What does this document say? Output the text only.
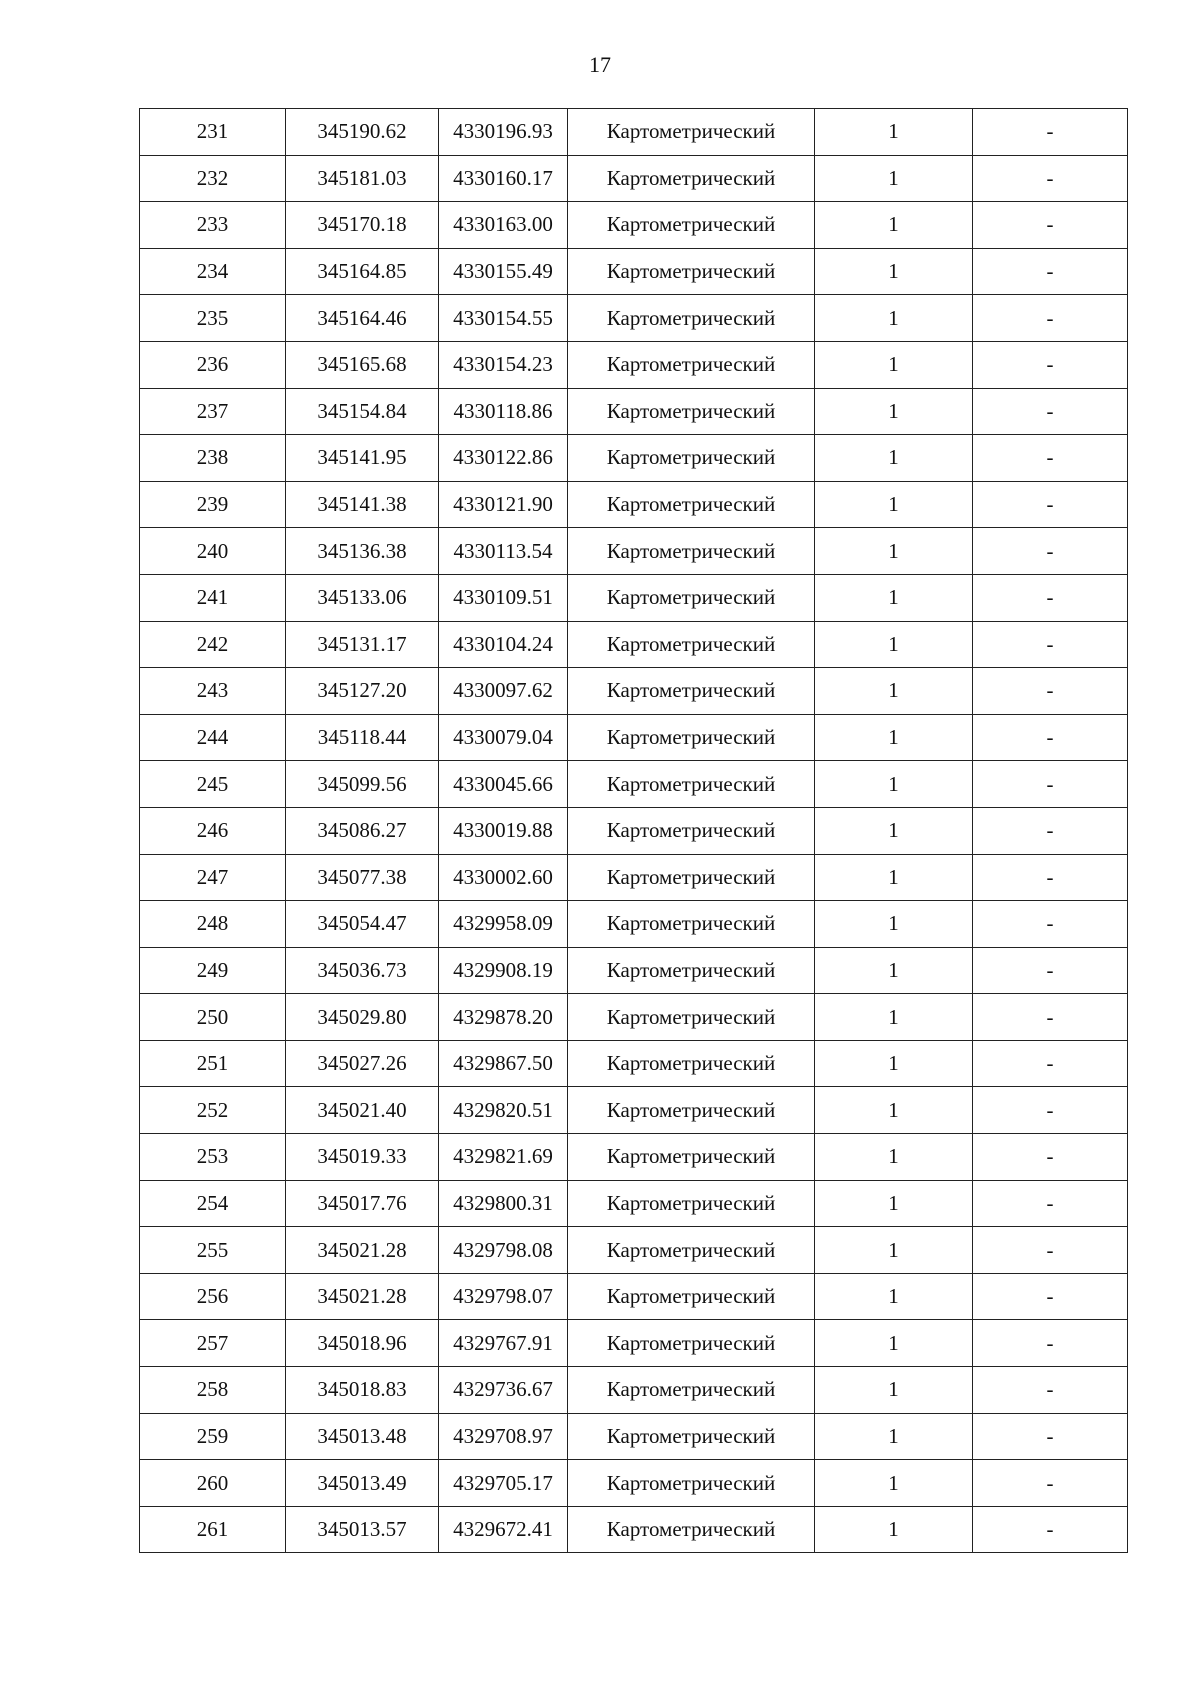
17
231	345190.62	4330196.93	Картометрический	1	-
232	345181.03	4330160.17	Картометрический	1	-
233	345170.18	4330163.00	Картометрический	1	-
234	345164.85	4330155.49	Картометрический	1	-
235	345164.46	4330154.55	Картометрический	1	-
236	345165.68	4330154.23	Картометрический	1	-
237	345154.84	4330118.86	Картометрический	1	-
238	345141.95	4330122.86	Картометрический	1	-
239	345141.38	4330121.90	Картометрический	1	-
240	345136.38	4330113.54	Картометрический	1	-
241	345133.06	4330109.51	Картометрический	1	-
242	345131.17	4330104.24	Картометрический	1	-
243	345127.20	4330097.62	Картометрический	1	-
244	345118.44	4330079.04	Картометрический	1	-
245	345099.56	4330045.66	Картометрический	1	-
246	345086.27	4330019.88	Картометрический	1	-
247	345077.38	4330002.60	Картометрический	1	-
248	345054.47	4329958.09	Картометрический	1	-
249	345036.73	4329908.19	Картометрический	1	-
250	345029.80	4329878.20	Картометрический	1	-
251	345027.26	4329867.50	Картометрический	1	-
252	345021.40	4329820.51	Картометрический	1	-
253	345019.33	4329821.69	Картометрический	1	-
254	345017.76	4329800.31	Картометрический	1	-
255	345021.28	4329798.08	Картометрический	1	-
256	345021.28	4329798.07	Картометрический	1	-
257	345018.96	4329767.91	Картометрический	1	-
258	345018.83	4329736.67	Картометрический	1	-
259	345013.48	4329708.97	Картометрический	1	-
260	345013.49	4329705.17	Картометрический	1	-
261	345013.57	4329672.41	Картометрический	1	-
